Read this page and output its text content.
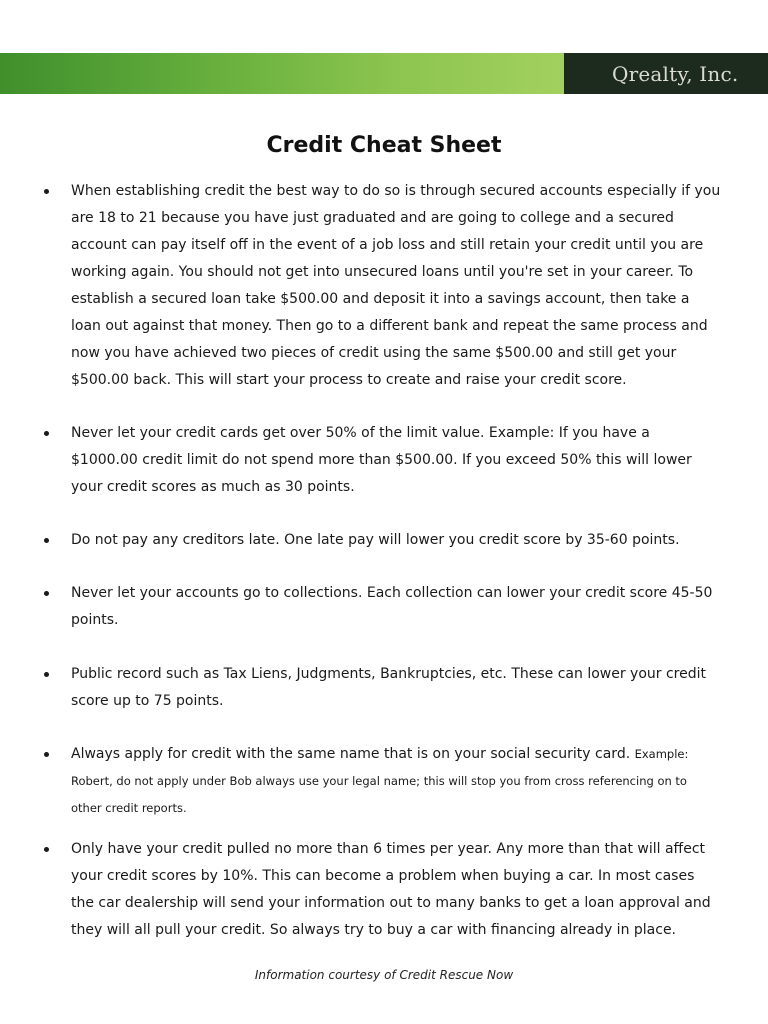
Qrealty, Inc.
Credit Cheat Sheet
When establishing credit the best way to do so is through secured accounts especially if you are 18 to 21 because you have just graduated and are going to college and a secured account can pay itself off in the event of a job loss and still retain your credit until you are working again. You should not get into unsecured loans until you're set in your career. To establish a secured loan take $500.00 and deposit it into a savings account, then take a loan out against that money. Then go to a different bank and repeat the same process and now you have achieved two pieces of credit using the same $500.00 and still get your $500.00 back. This will start your process to create and raise your credit score.
Never let your credit cards get over 50% of the limit value. Example: If you have a $1000.00 credit limit do not spend more than $500.00. If you exceed 50% this will lower your credit scores as much as 30 points.
Do not pay any creditors late. One late pay will lower you credit score by 35-60 points.
Never let your accounts go to collections. Each collection can lower your credit score 45-50 points.
Public record such as Tax Liens, Judgments, Bankruptcies, etc. These can lower your credit score up to 75 points.
Always apply for credit with the same name that is on your social security card. Example: Robert, do not apply under Bob always use your legal name; this will stop you from cross referencing on to other credit reports.
Only have your credit pulled no more than 6 times per year. Any more than that will affect your credit scores by 10%. This can become a problem when buying a car. In most cases the car dealership will send your information out to many banks to get a loan approval and they will all pull your credit. So always try to buy a car with financing already in place.
Information courtesy of Credit Rescue Now
